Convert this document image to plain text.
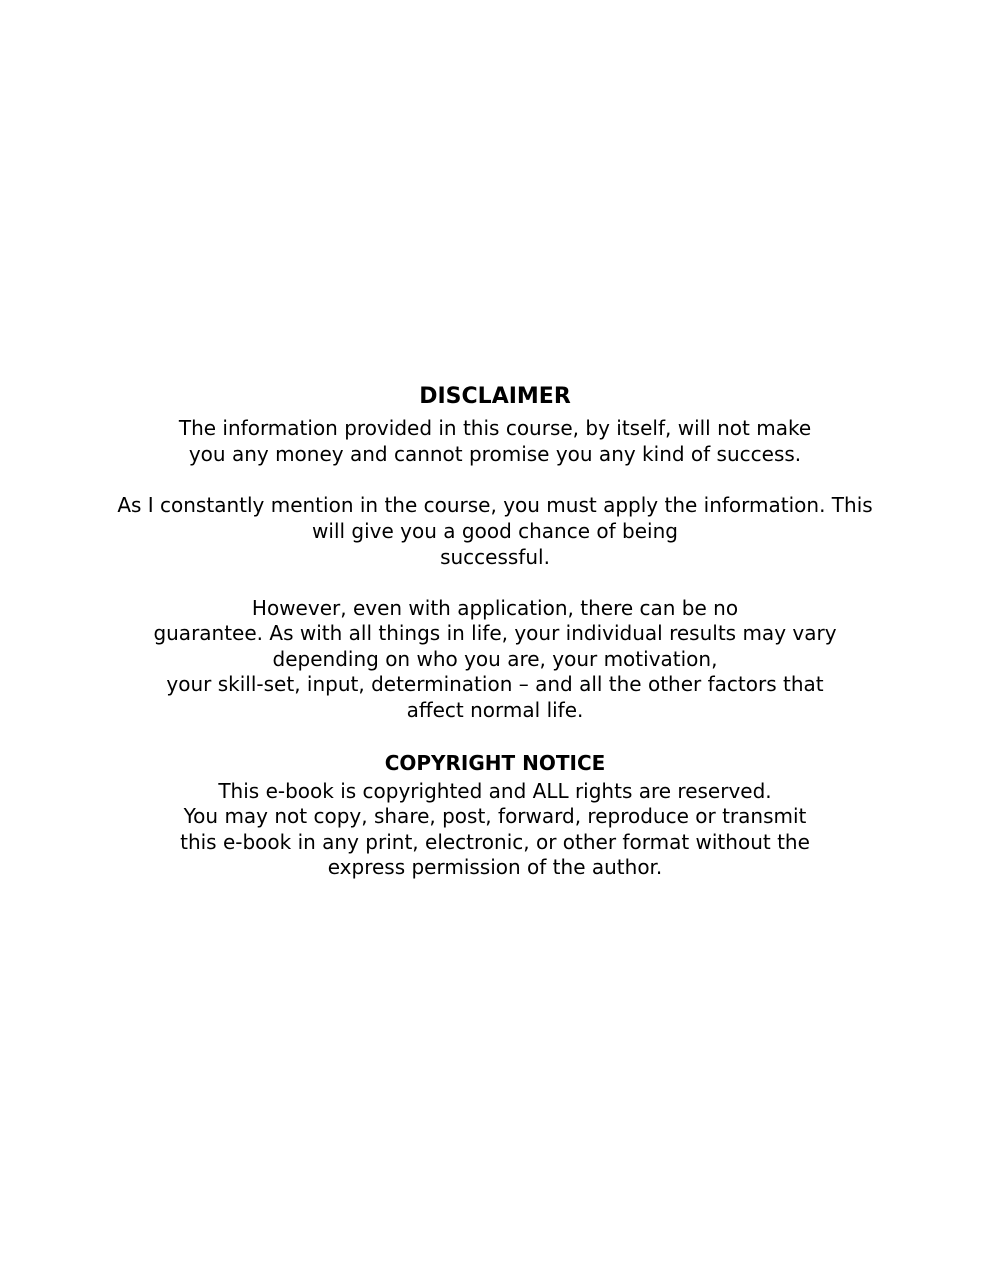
DISCLAIMER

The information provided in this course, by itself, will not make

you any money and cannot promise you any kind of success.

As I constantly mention in the course, you must apply the information. This

will give you a good chance of being

successful.

However, even with application, there can be no

guarantee. As with all things in life, your individual results may vary

depending on who you are, your motivation,

your skill-set, input, determination – and all the other factors that

affect normal life.

COPYRIGHT NOTICE

This e-book is copyrighted and ALL rights are reserved.

You may not copy, share, post, forward, reproduce or transmit

this e-book in any print, electronic, or other format without the

express permission of the author.
